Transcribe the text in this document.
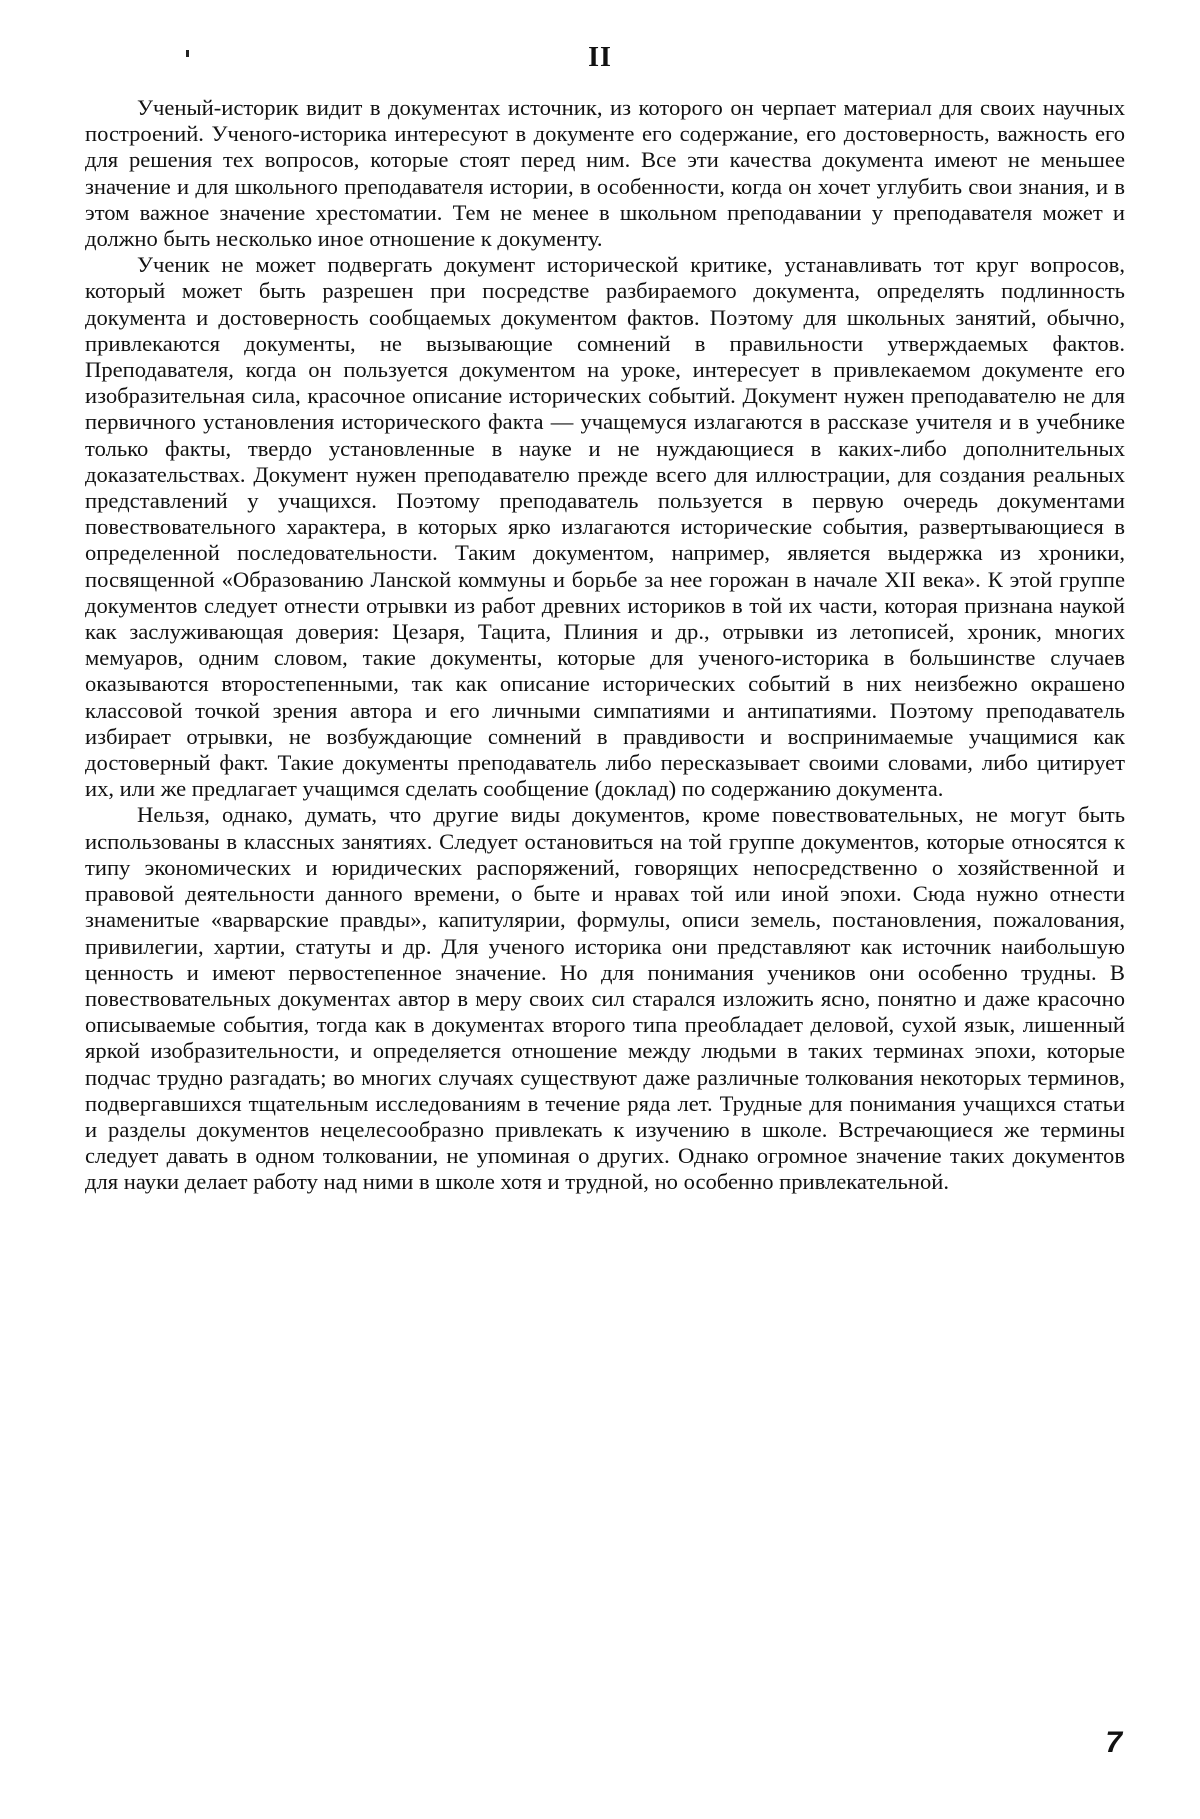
II

Ученый-историк видит в документах источник, из которого он черпает материал для своих научных построений. Ученого-историка интересуют в документе его содержание, его достоверность, важность его для решения тех вопросов, которые стоят перед ним. Все эти качества документа имеют не меньшее значение и для школьного преподавателя истории, в особенности, когда он хочет углубить свои знания, и в этом важное значение хрестоматии. Тем не менее в школьном преподавании у преподавателя может и должно быть несколько иное отношение к документу.

Ученик не может подвергать документ исторической критике, устанавливать тот круг вопросов, который может быть разрешен при посредстве разбираемого документа, определять подлинность документа и достоверность сообщаемых документом фактов. Поэтому для школьных занятий, обычно, привлекаются документы, не вызывающие сомнений в правильности утверждаемых фактов. Преподавателя, когда он пользуется документом на уроке, интересует в привлекаемом документе его изобразительная сила, красочное описание исторических событий. Документ нужен преподавателю не для первичного установления исторического факта — учащемуся излагаются в рассказе учителя и в учебнике только факты, твердо установленные в науке и не нуждающиеся в каких-либо дополнительных доказательствах. Документ нужен преподавателю прежде всего для иллюстрации, для создания реальных представлений у учащихся. Поэтому преподаватель пользуется в первую очередь документами повествовательного характера, в которых ярко излагаются исторические события, развертывающиеся в определенной последовательности. Таким документом, например, является выдержка из хроники, посвященной «Образованию Ланской коммуны и борьбе за нее горожан в начале XII века». К этой группе документов следует отнести отрывки из работ древних историков в той их части, которая признана наукой как заслуживающая доверия: Цезаря, Тацита, Плиния и др., отрывки из летописей, хроник, многих мемуаров, одним словом, такие документы, которые для ученого-историка в большинстве случаев оказываются второстепенными, так как описание исторических событий в них неизбежно окрашено классовой точкой зрения автора и его личными симпатиями и антипатиями. Поэтому преподаватель избирает отрывки, не возбуждающие сомнений в правдивости и воспринимаемые учащимися как достоверный факт. Такие документы преподаватель либо пересказывает своими словами, либо цитирует их, или же предлагает учащимся сделать сообщение (доклад) по содержанию документа.

Нельзя, однако, думать, что другие виды документов, кроме повествовательных, не могут быть использованы в классных занятиях. Следует остановиться на той группе документов, которые относятся к типу экономических и юридических распоряжений, говорящих непосредственно о хозяйственной и правовой деятельности данного времени, о быте и нравах той или иной эпохи. Сюда нужно отнести знаменитые «варварские правды», капитулярии, формулы, описи земель, постановления, пожалования, привилегии, хартии, статуты и др. Для ученого историка они представляют как источник наибольшую ценность и имеют первостепенное значение. Но для понимания учеников они особенно трудны. В повествовательных документах автор в меру своих сил старался изложить ясно, понятно и даже красочно описываемые события, тогда как в документах второго типа преобладает деловой, сухой язык, лишенный яркой изобразительности, и определяется отношение между людьми в таких терминах эпохи, которые подчас трудно разгадать; во многих случаях существуют даже различные толкования некоторых терминов, подвергавшихся тщательным исследованиям в течение ряда лет. Трудные для понимания учащихся статьи и разделы документов нецелесообразно привлекать к изучению в школе. Встречающиеся же термины следует давать в одном толковании, не упоминая о других. Однако огромное значение таких документов для науки делает работу над ними в школе хотя и трудной, но особенно привлекательной.

7
